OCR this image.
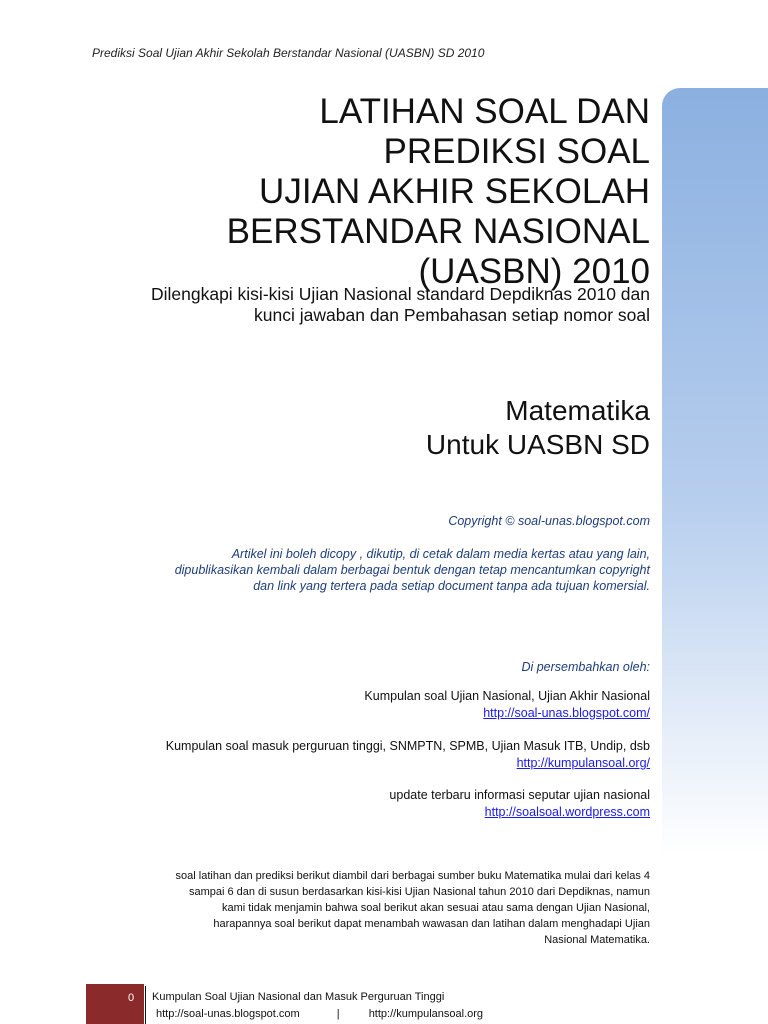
Prediksi Soal Ujian Akhir Sekolah Berstandar Nasional (UASBN) SD 2010
LATIHAN SOAL DAN
PREDIKSI SOAL
UJIAN AKHIR SEKOLAH
BERSTANDAR NASIONAL
(UASBN) 2010
Dilengkapi kisi-kisi Ujian Nasional standard Depdiknas 2010 dan
kunci jawaban dan Pembahasan setiap nomor soal
Matematika
Untuk UASBN SD
Copyright © soal-unas.blogspot.com
Artikel ini boleh dicopy , dikutip, di cetak dalam media kertas atau yang lain,
dipublikasikan kembali dalam berbagai bentuk dengan tetap mencantumkan copyright
dan link yang tertera pada setiap document tanpa ada tujuan komersial.
Di persembahkan oleh:
Kumpulan soal Ujian Nasional, Ujian Akhir Nasional
http://soal-unas.blogspot.com/
Kumpulan soal masuk perguruan tinggi, SNMPTN, SPMB, Ujian Masuk ITB, Undip, dsb
http://kumpulansoal.org/
update terbaru informasi seputar ujian nasional
http://soalsoal.wordpress.com
soal latihan dan prediksi berikut diambil dari berbagai sumber buku Matematika mulai dari kelas 4
sampai 6 dan di susun berdasarkan kisi-kisi Ujian Nasional tahun 2010 dari Depdiknas, namun
kami tidak menjamin bahwa soal berikut akan sesuai atau sama dengan Ujian Nasional,
harapannya soal berikut dapat menambah wawasan dan latihan dalam menghadapi Ujian
Nasional Matematika.
0 Kumpulan Soal Ujian Nasional dan Masuk Perguruan Tinggi
http://soal-unas.blogspot.com	|	http://kumpulansoal.org
